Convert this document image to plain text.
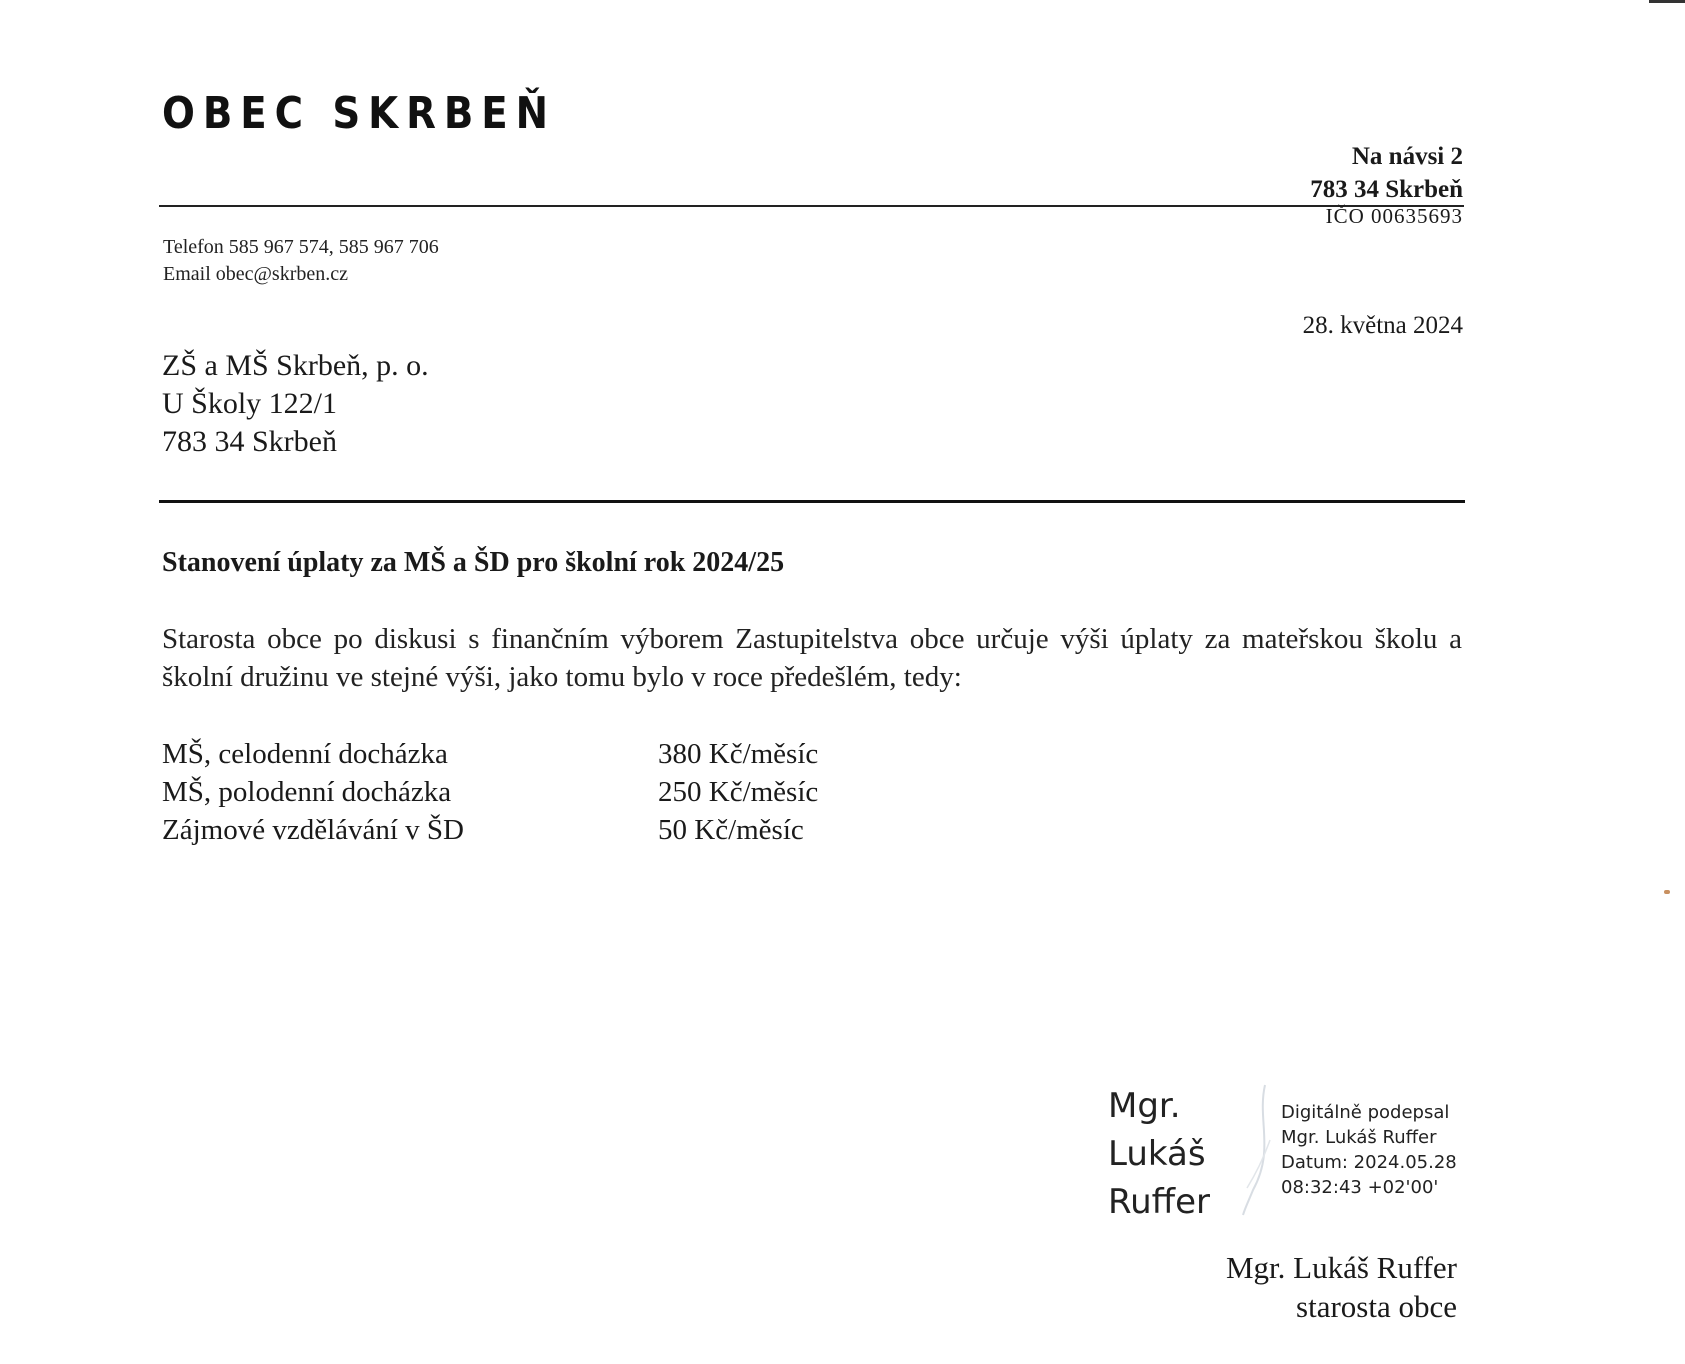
OBEC SKRBEŇ
Na návsi 2
783 34 Skrbeň
IČO 00635693
Telefon 585 967 574, 585 967 706
Email obec@skrben.cz
28. května 2024
ZŠ a MŠ Skrbeň, p. o.
U Školy 122/1
783 34 Skrbeň
Stanovení úplaty za MŠ a ŠD pro školní rok 2024/25
Starosta obce po diskusi s finančním výborem Zastupitelstva obce určuje výši úplaty za mateřskou školu a školní družinu ve stejné výši, jako tomu bylo v roce předešlém, tedy:
MŠ, celodenní docházka	380 Kč/měsíc
MŠ, polodenní docházka	250 Kč/měsíc
Zájmové vzdělávání v ŠD	50 Kč/měsíc
Mgr.
Lukáš
Ruffer
Digitálně podepsal
Mgr. Lukáš Ruffer
Datum: 2024.05.28
08:32:43 +02'00'
Mgr. Lukáš Ruffer
starosta obce
